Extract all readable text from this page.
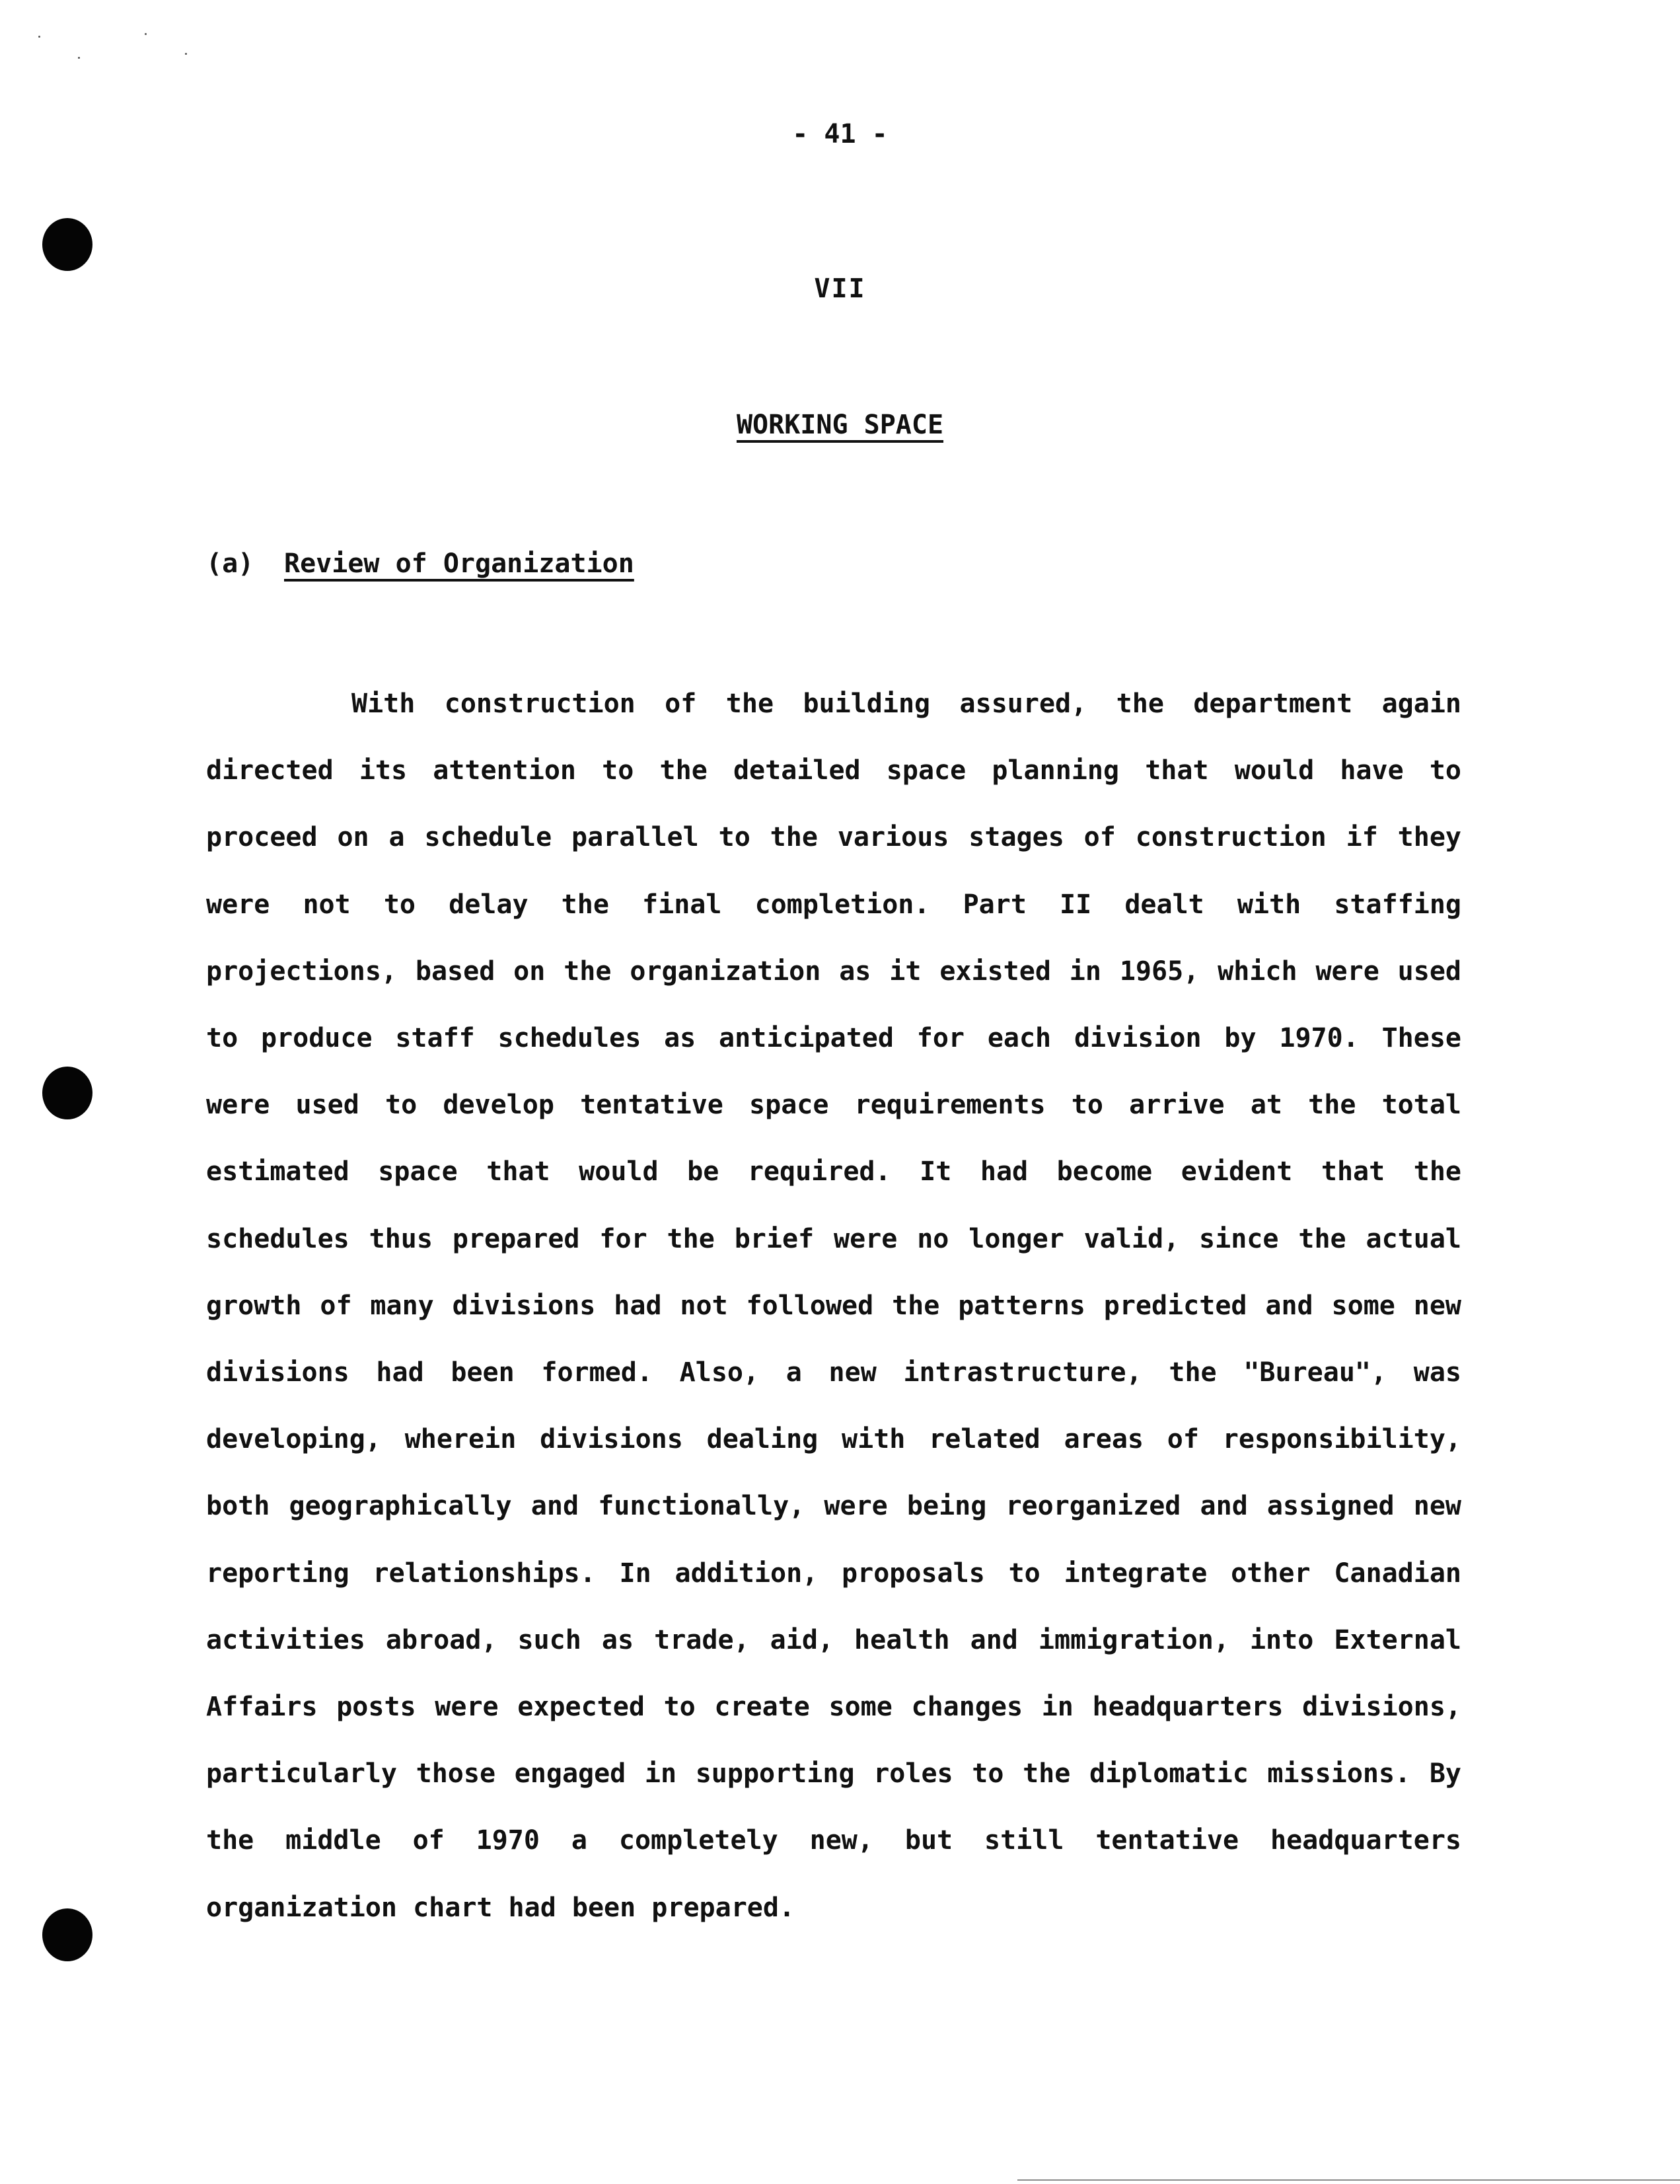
- 41 -
VII
WORKING SPACE
(a) Review of Organization
With construction of the building assured, the department again directed its attention to the detailed space planning that would have to proceed on a schedule parallel to the various stages of construction if they were not to delay the final completion. Part II dealt with staffing projections, based on the organization as it existed in 1965, which were used to produce staff schedules as anticipated for each division by 1970. These were used to develop tentative space requirements to arrive at the total estimated space that would be required. It had become evident that the schedules thus prepared for the brief were no longer valid, since the actual growth of many divisions had not followed the patterns predicted and some new divisions had been formed. Also, a new intrastructure, the "Bureau", was developing, wherein divisions dealing with related areas of responsibility, both geographically and functionally, were being reorganized and assigned new reporting relationships. In addition, proposals to integrate other Canadian activities abroad, such as trade, aid, health and immigration, into External Affairs posts were expected to create some changes in headquarters divisions, particularly those engaged in supporting roles to the diplomatic missions. By the middle of 1970 a completely new, but still tentative headquarters organization chart had been prepared.
